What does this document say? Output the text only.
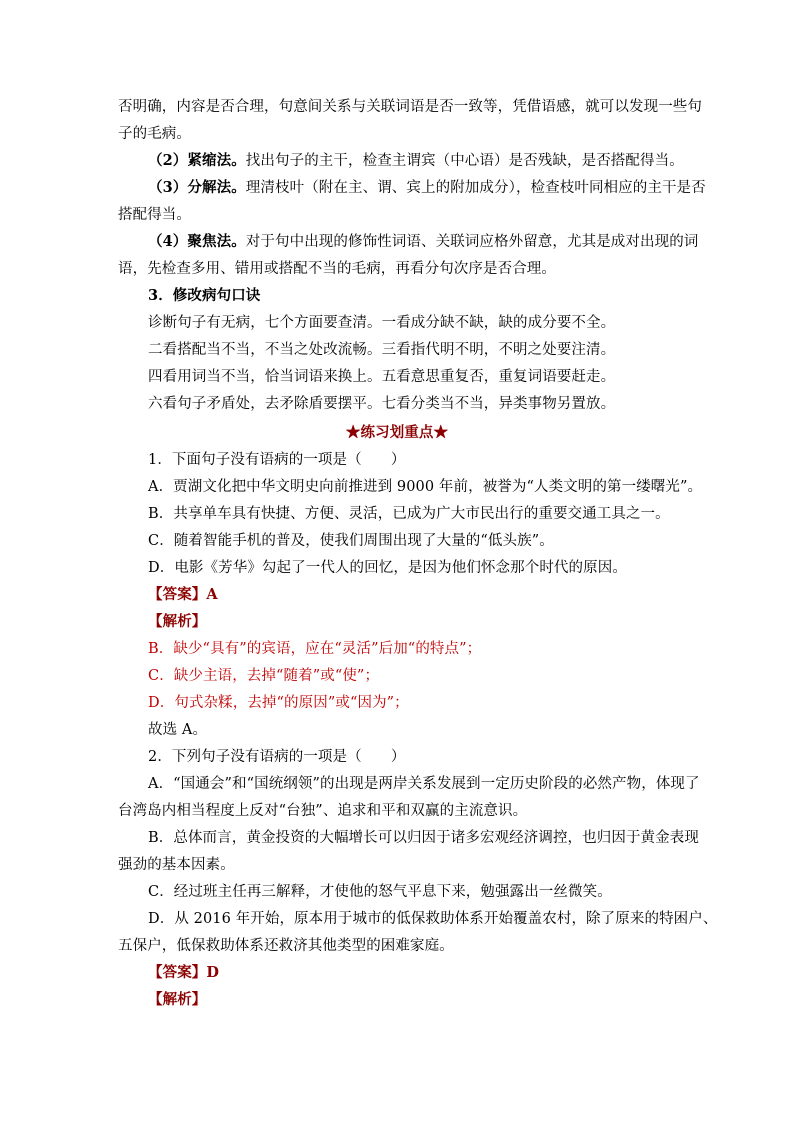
否明确，内容是否合理，句意间关系与关联词语是否一致等，凭借语感，就可以发现一些句
子的毛病。
（2）紧缩法。找出句子的主干，检查主谓宾（中心语）是否残缺，是否搭配得当。
（3）分解法。理清枝叶（附在主、谓、宾上的附加成分），检查枝叶同相应的主干是否
搭配得当。
（4）聚焦法。对于句中出现的修饰性词语、关联词应格外留意，尤其是成对出现的词
语，先检查多用、错用或搭配不当的毛病，再看分句次序是否合理。
3．修改病句口诀
诊断句子有无病，七个方面要查清。一看成分缺不缺，缺的成分要不全。
二看搭配当不当，不当之处改流畅。三看指代明不明，不明之处要注清。
四看用词当不当，恰当词语来换上。五看意思重复否，重复词语要赶走。
六看句子矛盾处，去矛除盾要摆平。七看分类当不当，异类事物另置放。
★练习划重点★
1．下面句子没有语病的一项是（　　）
A．贾湖文化把中华文明史向前推进到 9000 年前，被誉为“人类文明的第一缕曙光”。
B．共享单车具有快捷、方便、灵活，已成为广大市民出行的重要交通工具之一。
C．随着智能手机的普及，使我们周围出现了大量的“低头族”。
D．电影《芳华》勾起了一代人的回忆，是因为他们怀念那个时代的原因。
【答案】A
【解析】
B．缺少“具有”的宾语，应在“灵活”后加“的特点”；
C．缺少主语，去掉“随着”或“使”；
D．句式杂糅，去掉“的原因”或“因为”；
故选 A。
2．下列句子没有语病的一项是（　　）
A．“国通会”和“国统纲领”的出现是两岸关系发展到一定历史阶段的必然产物，体现了
台湾岛内相当程度上反对“台独”、追求和平和双赢的主流意识。
B．总体而言，黄金投资的大幅增长可以归因于诸多宏观经济调控，也归因于黄金表现
强劲的基本因素。
C．经过班主任再三解释，才使他的怒气平息下来，勉强露出一丝微笑。
D．从 2016 年开始，原本用于城市的低保救助体系开始覆盖农村，除了原来的特困户、
五保户，低保救助体系还救济其他类型的困难家庭。
【答案】D
【解析】
